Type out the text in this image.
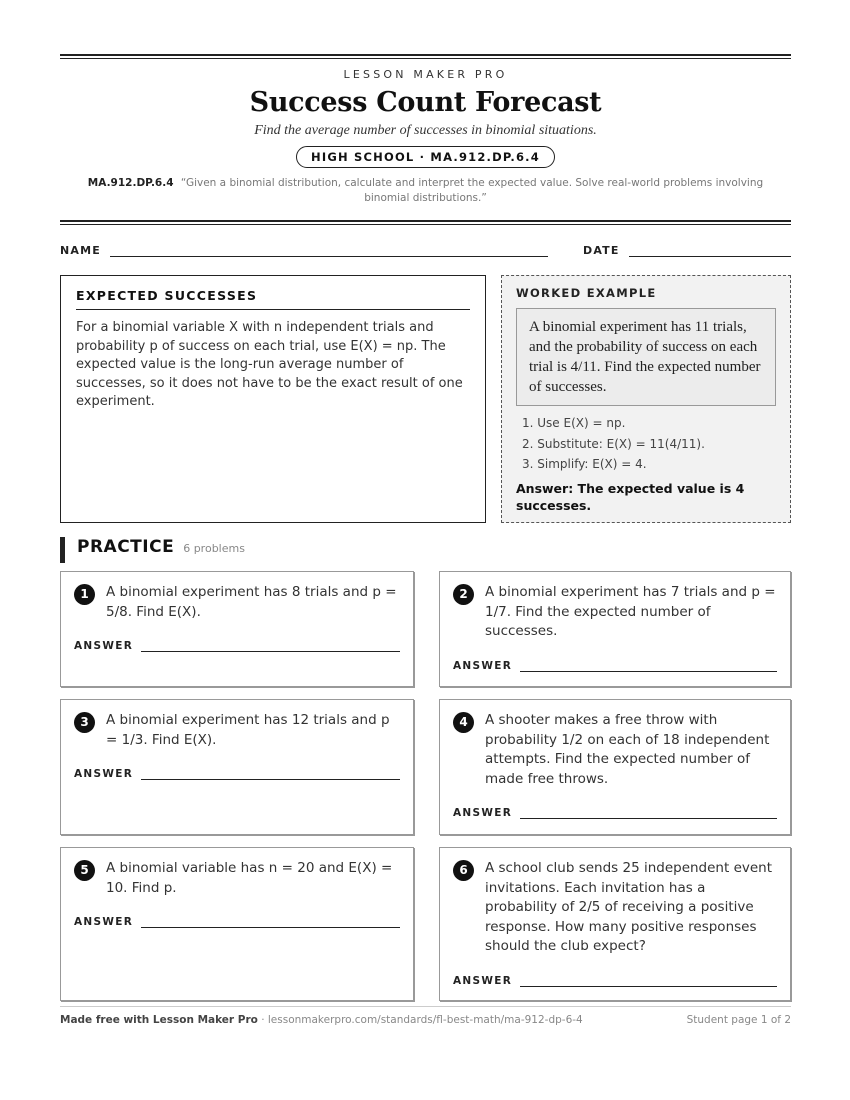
LESSON MAKER PRO
Success Count Forecast
Find the average number of successes in binomial situations.
HIGH SCHOOL · MA.912.DP.6.4
MA.912.DP.6.4 “Given a binomial distribution, calculate and interpret the expected value. Solve real-world problems involving binomial distributions.”
NAME	DATE
EXPECTED SUCCESSES
For a binomial variable X with n independent trials and probability p of success on each trial, use E(X) = np. The expected value is the long-run average number of successes, so it does not have to be the exact result of one experiment.
WORKED EXAMPLE
A binomial experiment has 11 trials, and the probability of success on each trial is 4/11. Find the expected number of successes.
1. Use E(X) = np.
2. Substitute: E(X) = 11(4/11).
3. Simplify: E(X) = 4.
Answer: The expected value is 4 successes.
PRACTICE 6 problems
1	A binomial experiment has 8 trials and p = 5/8. Find E(X).
ANSWER
2	A binomial experiment has 7 trials and p = 1/7. Find the expected number of successes.
ANSWER
3	A binomial experiment has 12 trials and p = 1/3. Find E(X).
ANSWER
4	A shooter makes a free throw with probability 1/2 on each of 18 independent attempts. Find the expected number of made free throws.
ANSWER
5	A binomial variable has n = 20 and E(X) = 10. Find p.
ANSWER
6	A school club sends 25 independent event invitations. Each invitation has a probability of 2/5 of receiving a positive response. How many positive responses should the club expect?
ANSWER
Made free with Lesson Maker Pro · lessonmakerpro.com/standards/fl-best-math/ma-912-dp-6-4	Student page 1 of 2
